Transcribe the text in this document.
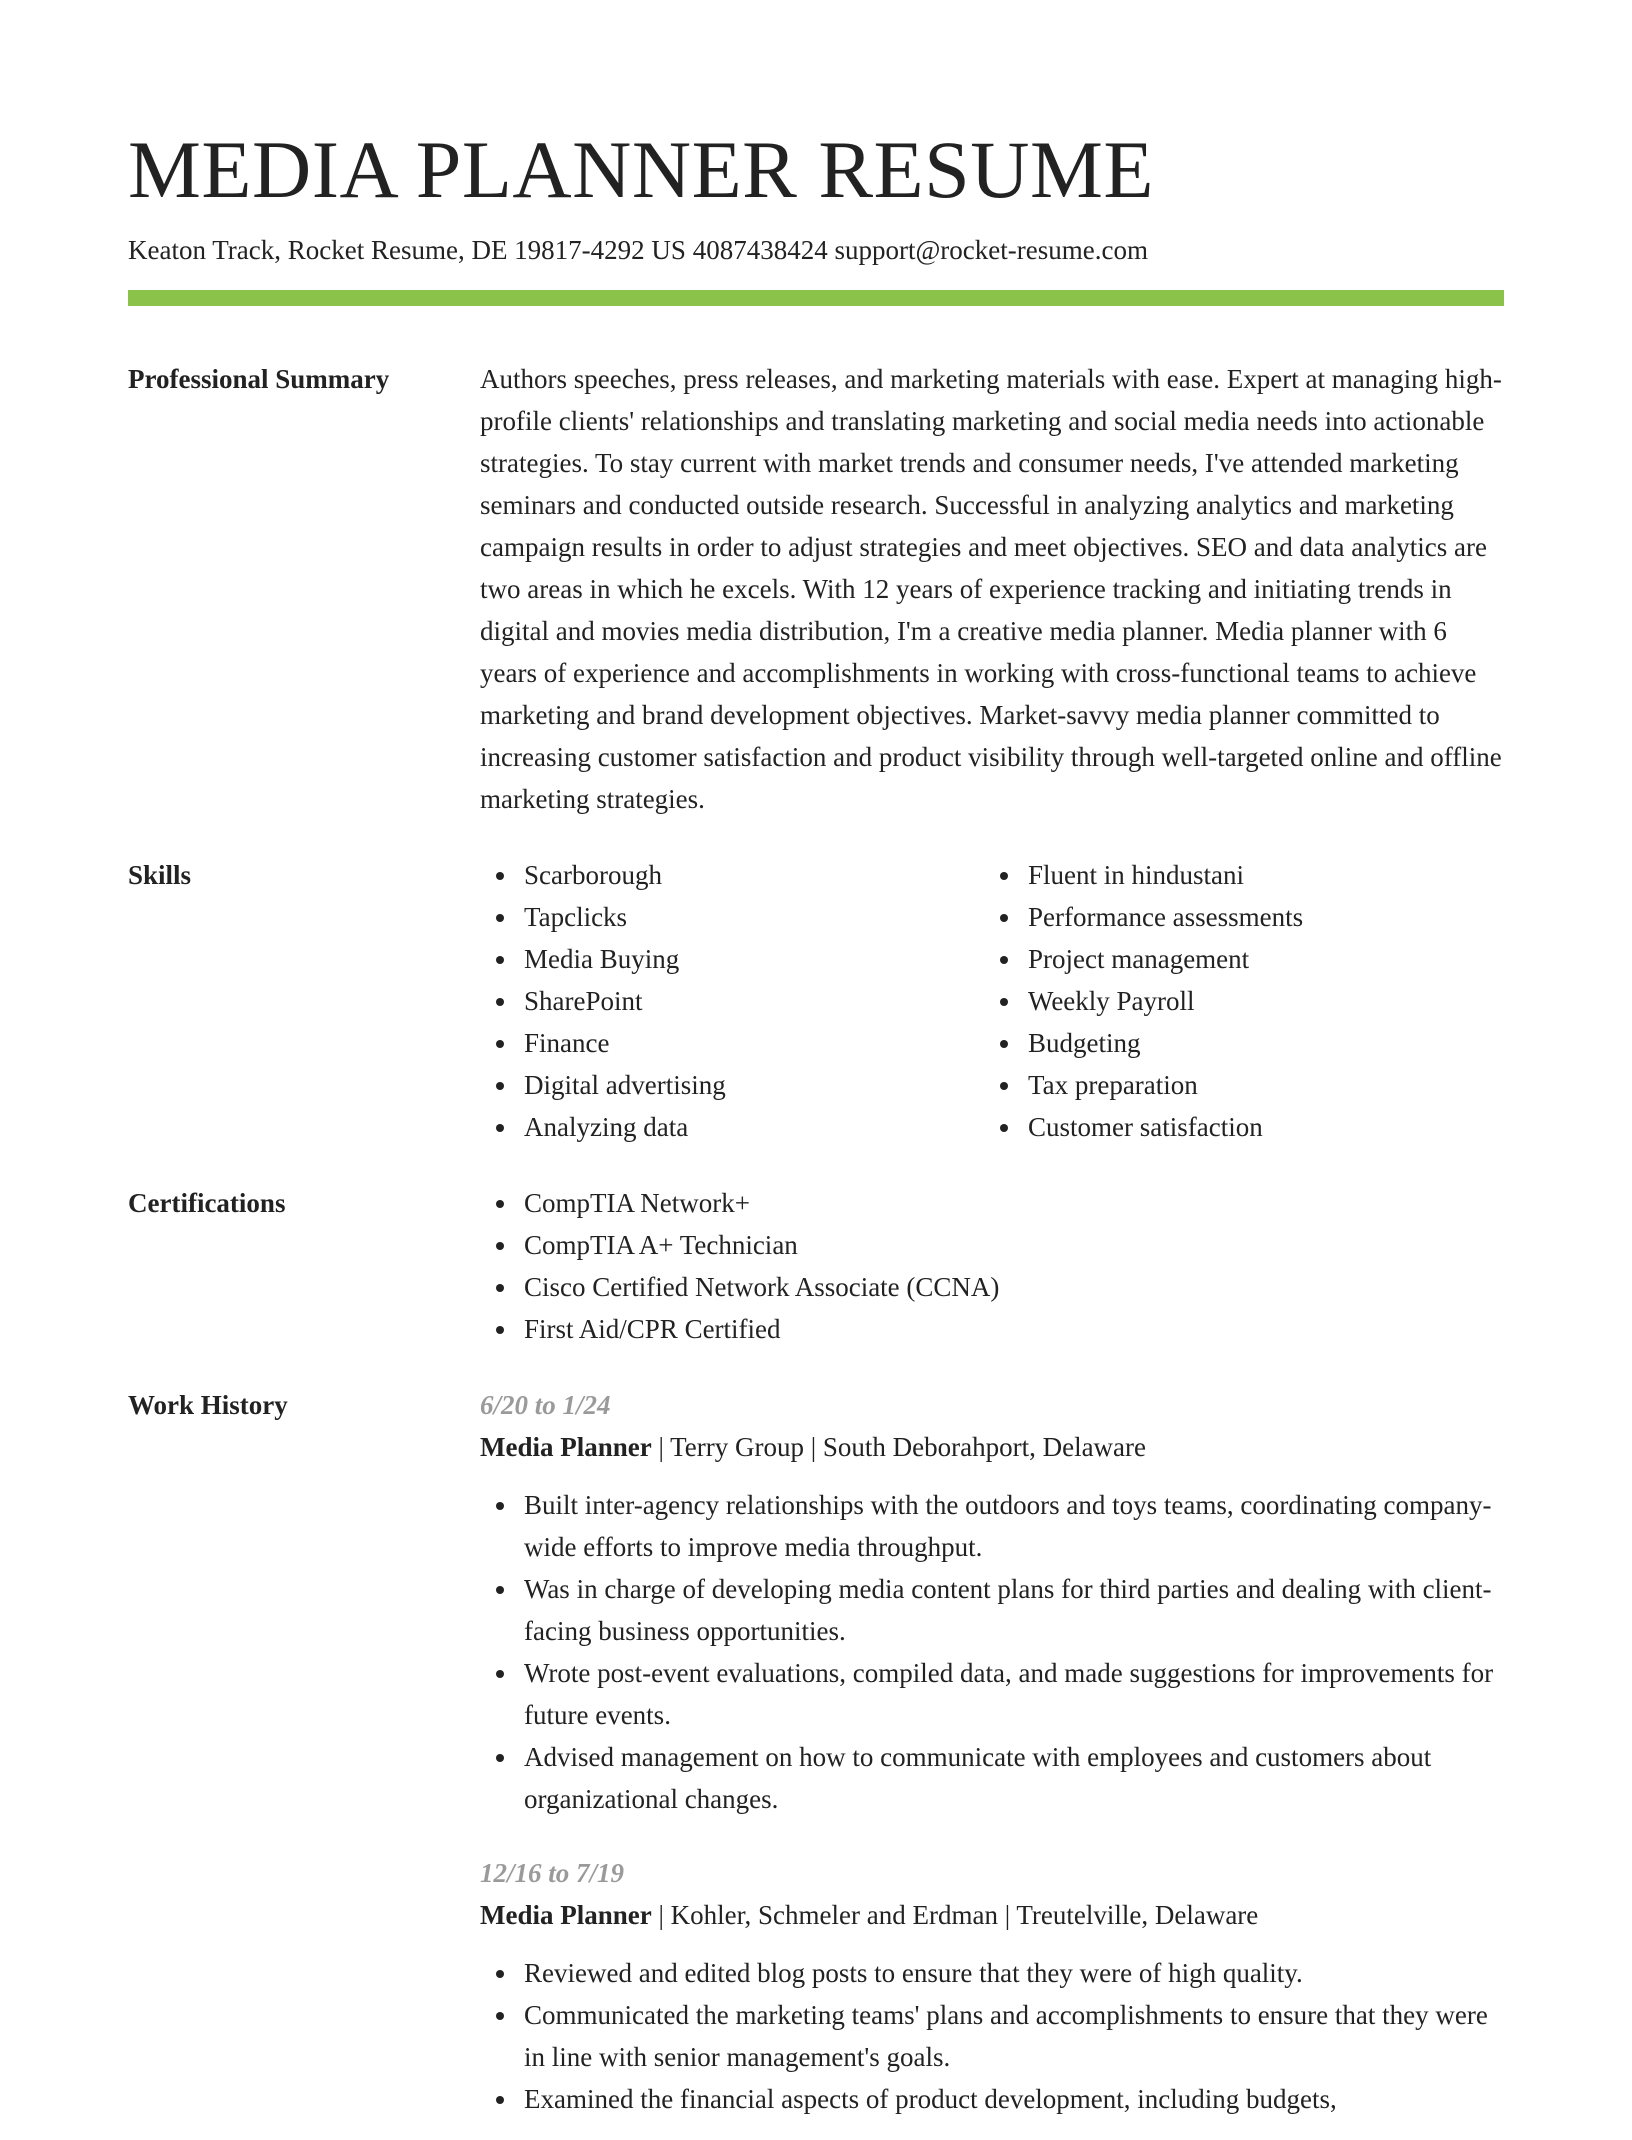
MEDIA PLANNER RESUME
Keaton Track, Rocket Resume, DE 19817-4292 US 4087438424 support@rocket-resume.com
Professional Summary	Authors speeches, press releases, and marketing materials with ease. Expert at managing high-profile clients' relationships and translating marketing and social media needs into actionable strategies. To stay current with market trends and consumer needs, I've attended marketing seminars and conducted outside research. Successful in analyzing analytics and marketing campaign results in order to adjust strategies and meet objectives. SEO and data analytics are two areas in which he excels. With 12 years of experience tracking and initiating trends in digital and movies media distribution, I'm a creative media planner. Media planner with 6 years of experience and accomplishments in working with cross-functional teams to achieve marketing and brand development objectives. Market-savvy media planner committed to increasing customer satisfaction and product visibility through well-targeted online and offline marketing strategies.

Skills	Scarborough
Tapclicks
Media Buying
SharePoint
Finance
Digital advertising
Analyzing data
Fluent in hindustani
Performance assessments
Project management
Weekly Payroll
Budgeting
Tax preparation
Customer satisfaction
Certifications	CompTIA Network+
CompTIA A+ Technician
Cisco Certified Network Associate (CCNA)
First Aid/CPR Certified
Work History	6/20 to 1/24
Media Planner | Terry Group | South Deborahport, Delaware
Built inter-agency relationships with the outdoors and toys teams, coordinating company-wide efforts to improve media throughput.
Was in charge of developing media content plans for third parties and dealing with client-facing business opportunities.
Wrote post-event evaluations, compiled data, and made suggestions for improvements for future events.
Advised management on how to communicate with employees and customers about organizational changes.
12/16 to 7/19
Media Planner | Kohler, Schmeler and Erdman | Treutelville, Delaware
Reviewed and edited blog posts to ensure that they were of high quality.
Communicated the marketing teams' plans and accomplishments to ensure that they were in line with senior management's goals.
Examined the financial aspects of product development, including budgets,
